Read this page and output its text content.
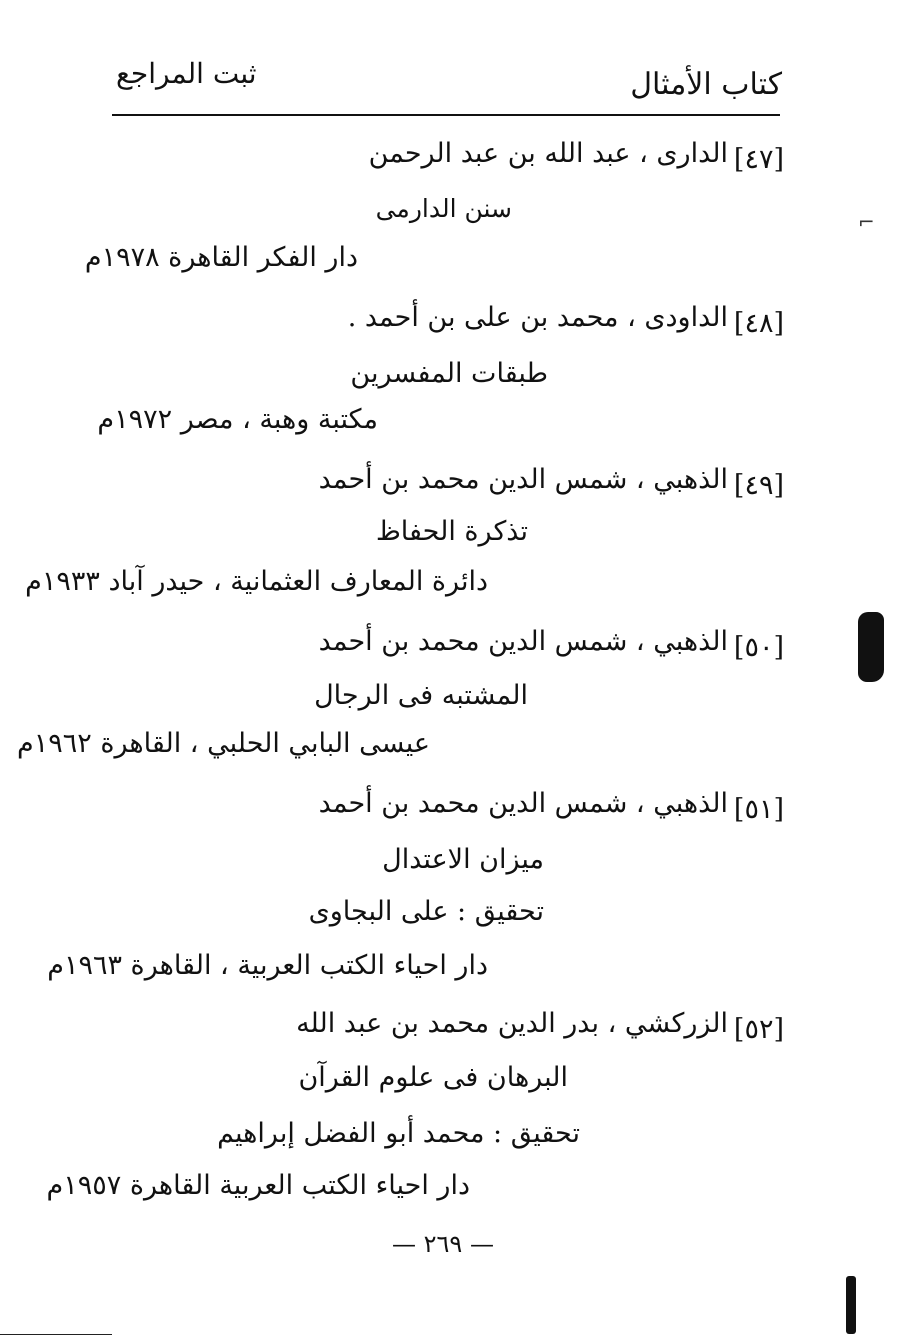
كتاب الأمثال
ثبت المراجع
[٤٧]
الدارى ، عبد الله بن عبد الرحمن
سنن الدارمى
دار الفكر القاهرة ١٩٧٨م
[٤٨]
الداودى ، محمد بن على بن أحمد .
طبقات المفسرين
مكتبة وهبة ، مصر ١٩٧٢م
[٤٩]
الذهبي ، شمس الدين محمد بن أحمد
تذكرة الحفاظ
دائرة المعارف العثمانية ، حيدر آباد ١٩٣٣م
[٥٠]
الذهبي ، شمس الدين محمد بن أحمد
المشتبه فى الرجال
عيسى البابي الحلبي ، القاهرة ١٩٦٢م
[٥١]
الذهبي ، شمس الدين محمد بن أحمد
ميزان الاعتدال
تحقيق : على البجاوى
دار احياء الكتب العربية ، القاهرة ١٩٦٣م
[٥٢]
الزركشي ، بدر الدين محمد بن عبد الله
البرهان فى علوم القرآن
تحقيق : محمد أبو الفضل إبراهيم
دار احياء الكتب العربية القاهرة ١٩٥٧م
— ٢٦٩ —
⌐
